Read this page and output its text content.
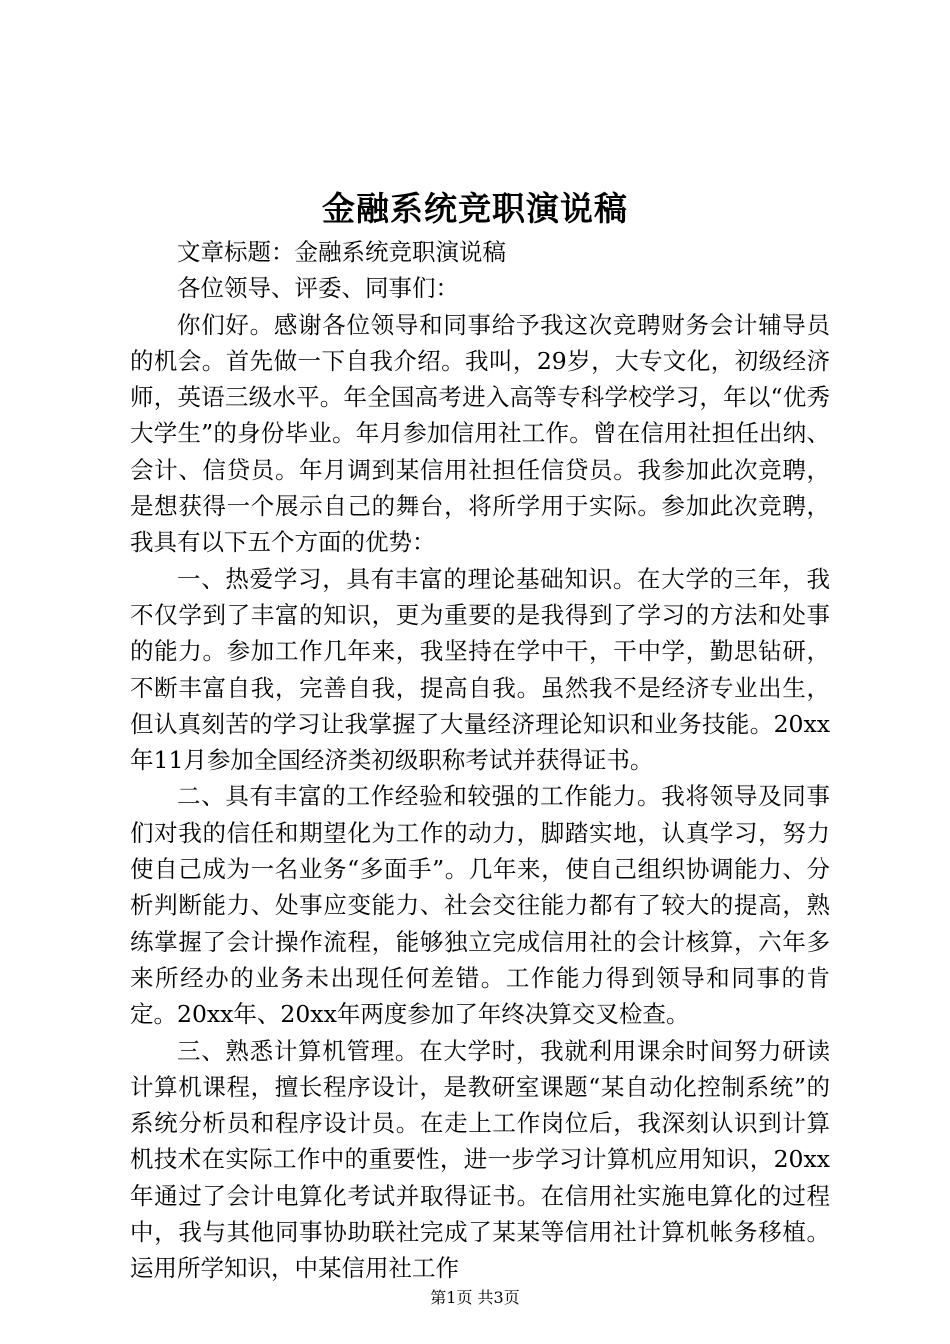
金融系统竞职演说稿

文章标题：金融系统竞职演说稿

各位领导、评委、同事们：

你们好。感谢各位领导和同事给予我这次竞聘财务会计辅导员的机会。首先做一下自我介绍。我叫，29岁，大专文化，初级经济师，英语三级水平。年全国高考进入高等专科学校学习，年以“优秀大学生”的身份毕业。年月参加信用社工作。曾在信用社担任出纳、会计、信贷员。年月调到某信用社担任信贷员。我参加此次竞聘，是想获得一个展示自己的舞台，将所学用于实际。参加此次竞聘，我具有以下五个方面的优势：

一、热爱学习，具有丰富的理论基础知识。在大学的三年，我不仅学到了丰富的知识，更为重要的是我得到了学习的方法和处事的能力。参加工作几年来，我坚持在学中干，干中学，勤思钻研，不断丰富自我，完善自我，提高自我。虽然我不是经济专业出生，但认真刻苦的学习让我掌握了大量经济理论知识和业务技能。20xx年11月参加全国经济类初级职称考试并获得证书。

二、具有丰富的工作经验和较强的工作能力。我将领导及同事们对我的信任和期望化为工作的动力，脚踏实地，认真学习，努力使自己成为一名业务“多面手”。几年来，使自己组织协调能力、分析判断能力、处事应变能力、社会交往能力都有了较大的提高，熟练掌握了会计操作流程，能够独立完成信用社的会计核算，六年多来所经办的业务未出现任何差错。工作能力得到领导和同事的肯定。20xx年、20xx年两度参加了年终决算交叉检查。

三、熟悉计算机管理。在大学时，我就利用课余时间努力研读计算机课程，擅长程序设计，是教研室课题“某自动化控制系统”的系统分析员和程序设计员。在走上工作岗位后，我深刻认识到计算机技术在实际工作中的重要性，进一步学习计算机应用知识，20xx年通过了会计电算化考试并取得证书。在信用社实施电算化的过程中，我与其他同事协助联社完成了某某等信用社计算机帐务移植。运用所学知识，中某信用社工作

第1页 共3页
